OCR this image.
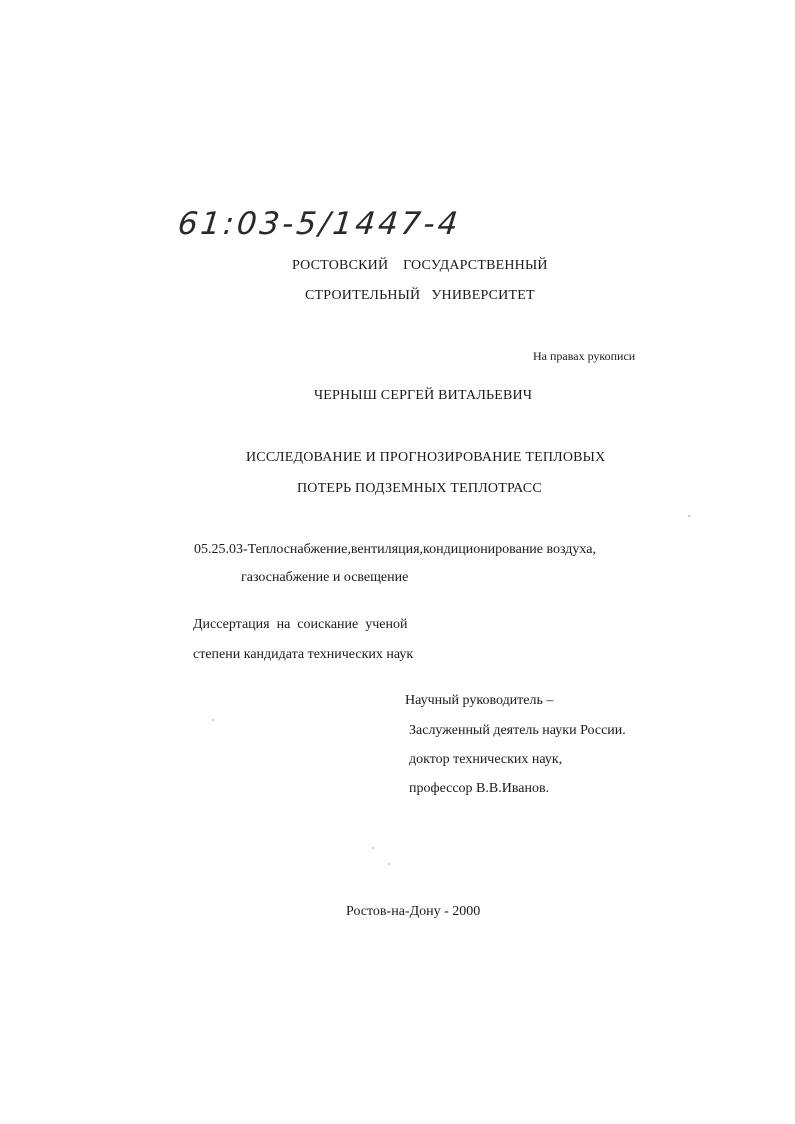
61:03-5/1447-4
РОСТОВСКИЙ    ГОСУДАРСТВЕННЫЙ
СТРОИТЕЛЬНЫЙ   УНИВЕРСИТЕТ
На правах рукописи
ЧЕРНЫШ СЕРГЕЙ ВИТАЛЬЕВИЧ
ИССЛЕДОВАНИЕ И ПРОГНОЗИРОВАНИЕ ТЕПЛОВЫХ
ПОТЕРЬ ПОДЗЕМНЫХ ТЕПЛОТРАСС
05.25.03-Теплоснабжение,вентиляция,кондиционирование воздуха,
газоснабжение и освещение
Диссертация  на  соискание  ученой
степени кандидата технических наук
Научный руководитель –
Заслуженный деятель науки России.
доктор технических наук,
профессор В.В.Иванов.
Ростов-на-Дону - 2000
